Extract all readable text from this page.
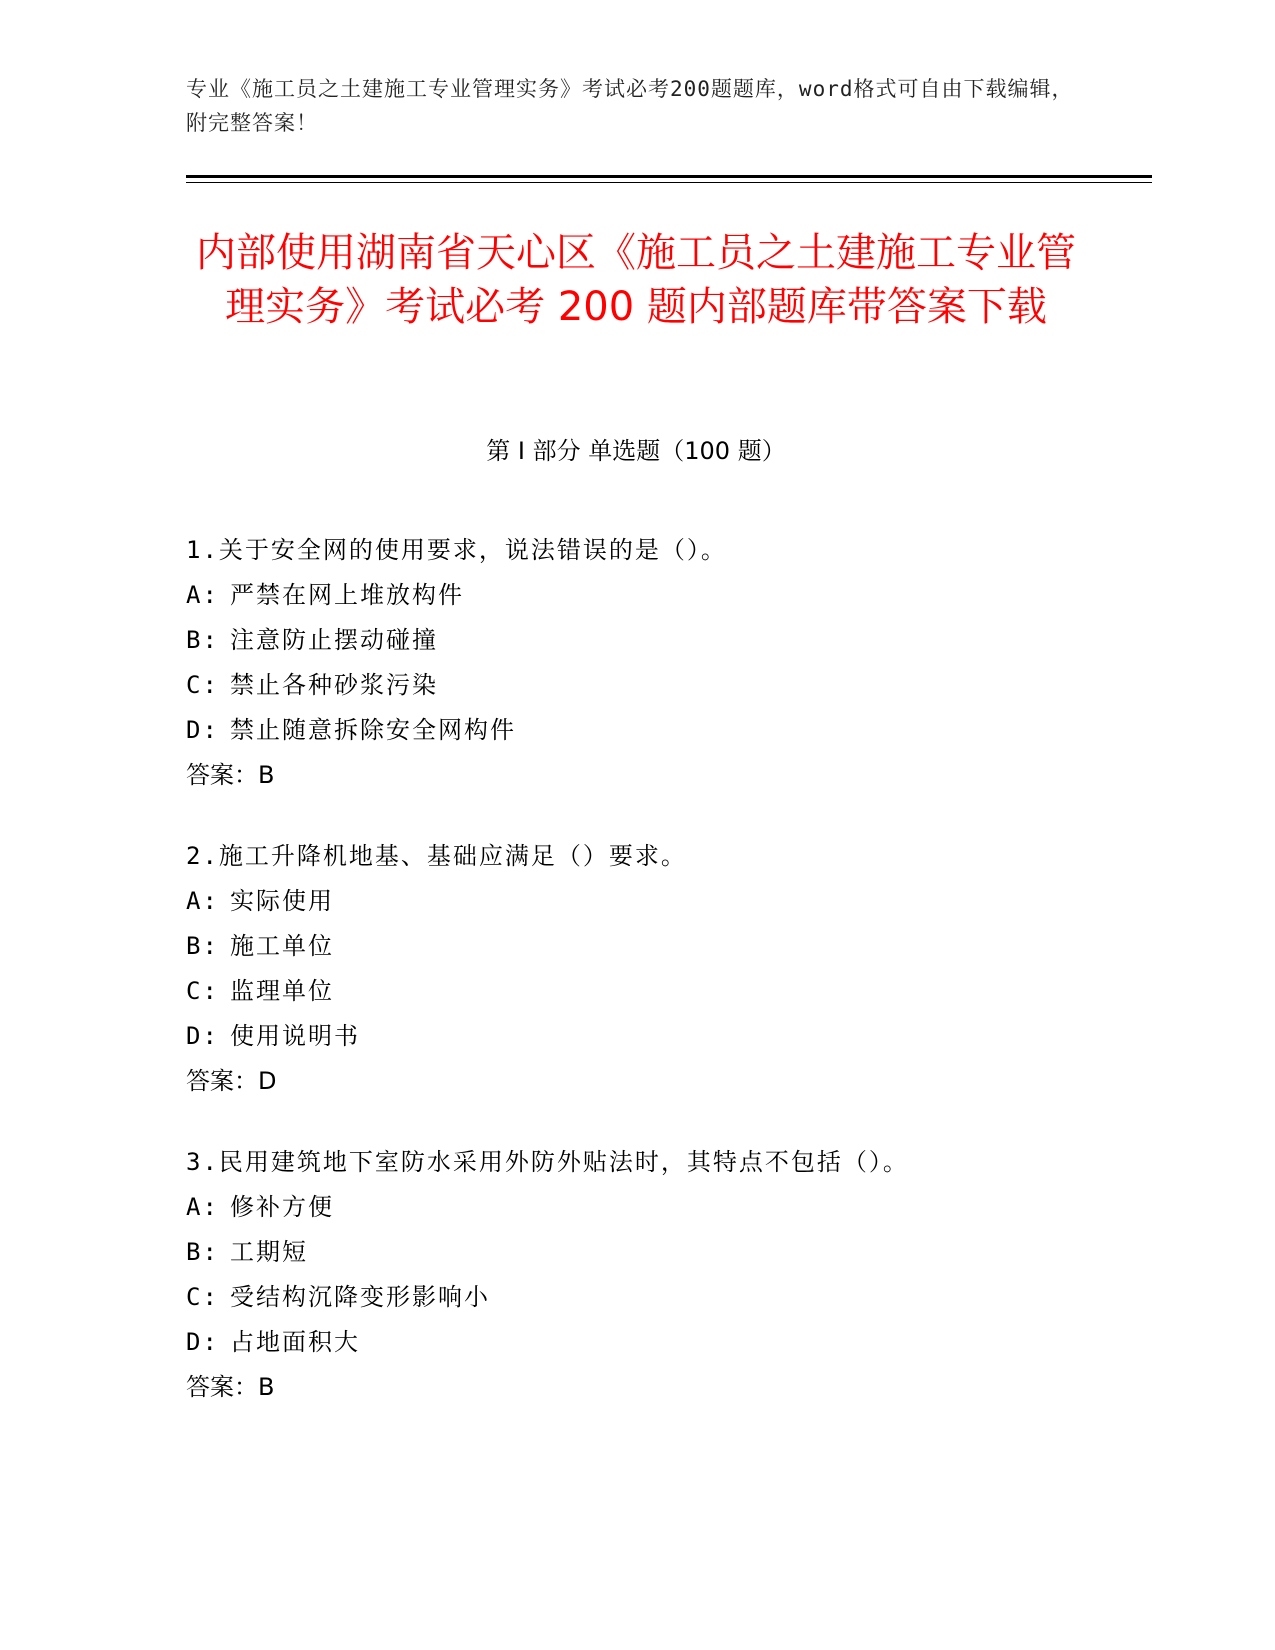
专业《施工员之土建施工专业管理实务》考试必考200题题库，word格式可自由下载编辑，附完整答案！
内部使用湖南省天心区《施工员之土建施工专业管理实务》考试必考 200 题内部题库带答案下载
第 I 部分 单选题（100 题）
1.关于安全网的使用要求，说法错误的是（）。
A: 严禁在网上堆放构件
B: 注意防止摆动碰撞
C: 禁止各种砂浆污染
D: 禁止随意拆除安全网构件
答案：B
2.施工升降机地基、基础应满足（）要求。
A: 实际使用
B: 施工单位
C: 监理单位
D: 使用说明书
答案：D
3.民用建筑地下室防水采用外防外贴法时，其特点不包括（）。
A: 修补方便
B: 工期短
C: 受结构沉降变形影响小
D: 占地面积大
答案：B
